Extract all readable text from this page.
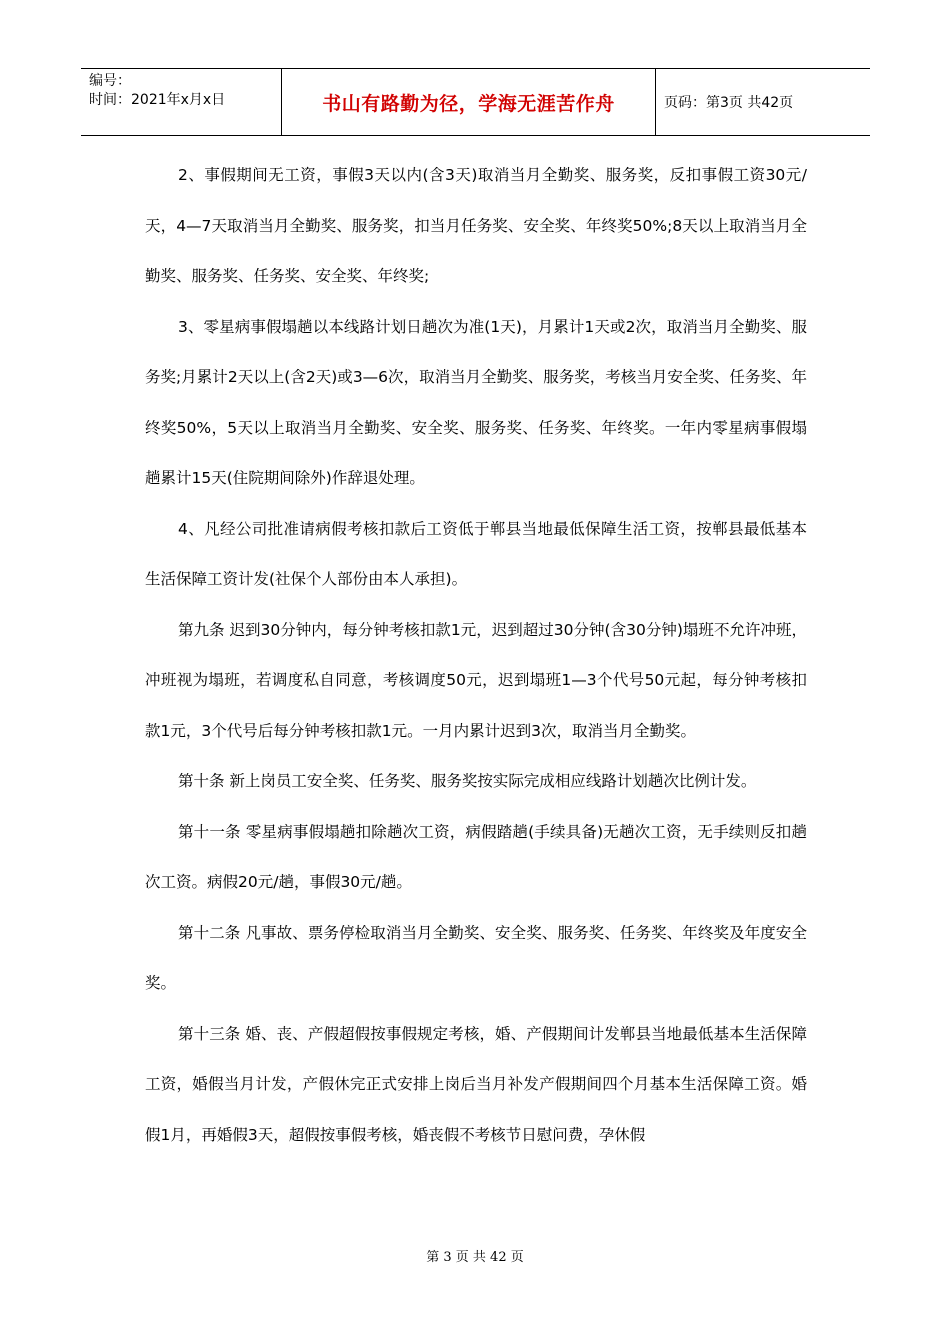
编号：
时间：2021年x月x日	书山有路勤为径，学海无涯苦作舟	页码：第3页 共42页

2、事假期间无工资，事假3天以内(含3天)取消当月全勤奖、服务奖，反扣事假工资30元/天，4—7天取消当月全勤奖、服务奖，扣当月任务奖、安全奖、年终奖50%;8天以上取消当月全勤奖、服务奖、任务奖、安全奖、年终奖;

3、零星病事假塌趟以本线路计划日趟次为准(1天)，月累计1天或2次，取消当月全勤奖、服务奖;月累计2天以上(含2天)或3—6次，取消当月全勤奖、服务奖，考核当月安全奖、任务奖、年终奖50%，5天以上取消当月全勤奖、安全奖、服务奖、任务奖、年终奖。一年内零星病事假塌趟累计15天(住院期间除外)作辞退处理。

4、凡经公司批准请病假考核扣款后工资低于郸县当地最低保障生活工资，按郸县最低基本生活保障工资计发(社保个人部份由本人承担)。

第九条 迟到30分钟内，每分钟考核扣款1元，迟到超过30分钟(含30分钟)塌班不允许冲班，冲班视为塌班，若调度私自同意，考核调度50元，迟到塌班1—3个代号50元起，每分钟考核扣款1元，3个代号后每分钟考核扣款1元。一月内累计迟到3次，取消当月全勤奖。

第十条 新上岗员工安全奖、任务奖、服务奖按实际完成相应线路计划趟次比例计发。

第十一条 零星病事假塌趟扣除趟次工资，病假踏趟(手续具备)无趟次工资，无手续则反扣趟次工资。病假20元/趟，事假30元/趟。

第十二条 凡事故、票务停检取消当月全勤奖、安全奖、服务奖、任务奖、年终奖及年度安全奖。

第十三条 婚、丧、产假超假按事假规定考核，婚、产假期间计发郸县当地最低基本生活保障工资，婚假当月计发，产假休完正式安排上岗后当月补发产假期间四个月基本生活保障工资。婚假1月，再婚假3天，超假按事假考核，婚丧假不考核节日慰问费，孕休假

第 3 页 共 42 页
